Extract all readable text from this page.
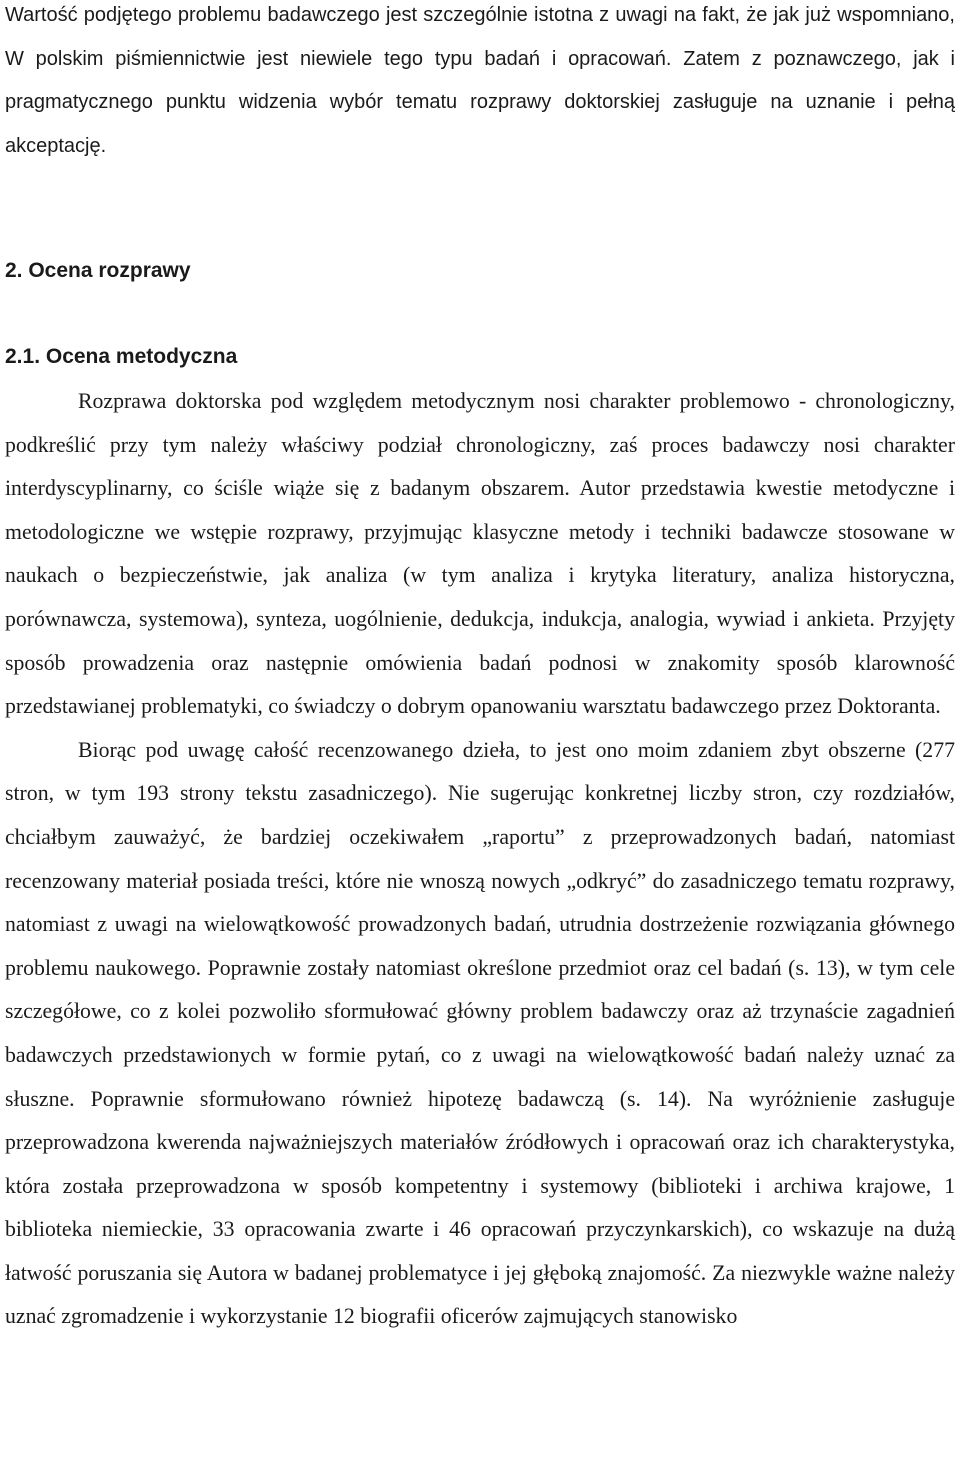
Wartość podjętego problemu badawczego jest szczególnie istotna z uwagi na fakt, że jak już wspomniano, W polskim piśmiennictwie jest niewiele tego typu badań i opracowań. Zatem z poznawczego, jak i pragmatycznego punktu widzenia wybór tematu rozprawy doktorskiej zasługuje na uznanie i pełną akceptację.

2. Ocena rozprawy
2.1. Ocena metodyczna

Rozprawa doktorska pod względem metodycznym nosi charakter problemowo - chronologiczny, podkreślić przy tym należy właściwy podział chronologiczny, zaś proces badawczy nosi charakter interdyscyplinarny, co ściśle wiąże się z badanym obszarem. Autor przedstawia kwestie metodyczne i metodologiczne we wstępie rozprawy, przyjmując klasyczne metody i techniki badawcze stosowane w naukach o bezpieczeństwie, jak analiza (w tym analiza i krytyka literatury, analiza historyczna, porównawcza, systemowa), synteza, uogólnienie, dedukcja, indukcja, analogia, wywiad i ankieta. Przyjęty sposób prowadzenia oraz następnie omówienia badań podnosi w znakomity sposób klarowność przedstawianej problematyki, co świadczy o dobrym opanowaniu warsztatu badawczego przez Doktoranta.

Biorąc pod uwagę całość recenzowanego dzieła, to jest ono moim zdaniem zbyt obszerne (277 stron, w tym 193 strony tekstu zasadniczego). Nie sugerując konkretnej liczby stron, czy rozdziałów, chciałbym zauważyć, że bardziej oczekiwałem „raportu” z przeprowadzonych badań, natomiast recenzowany materiał posiada treści, które nie wnoszą nowych „odkryć” do zasadniczego tematu rozprawy, natomiast z uwagi na wielowątkowość prowadzonych badań, utrudnia dostrzeżenie rozwiązania głównego problemu naukowego. Poprawnie zostały natomiast określone przedmiot oraz cel badań (s. 13), w tym cele szczegółowe, co z kolei pozwoliło sformułować główny problem badawczy oraz aż trzynaście zagadnień badawczych przedstawionych w formie pytań, co z uwagi na wielowątkowość badań należy uznać za słuszne. Poprawnie sformułowano również hipotezę badawczą (s. 14). Na wyróżnienie zasługuje przeprowadzona kwerenda najważniejszych materiałów źródłowych i opracowań oraz ich charakterystyka, która została przeprowadzona w sposób kompetentny i systemowy (biblioteki i archiwa krajowe, 1 biblioteka niemieckie, 33 opracowania zwarte i 46 opracowań przyczynkarskich), co wskazuje na dużą łatwość poruszania się Autora w badanej problematyce i jej głęboką znajomość. Za niezwykle ważne należy uznać zgromadzenie i wykorzystanie 12 biografii oficerów zajmujących stanowisko
